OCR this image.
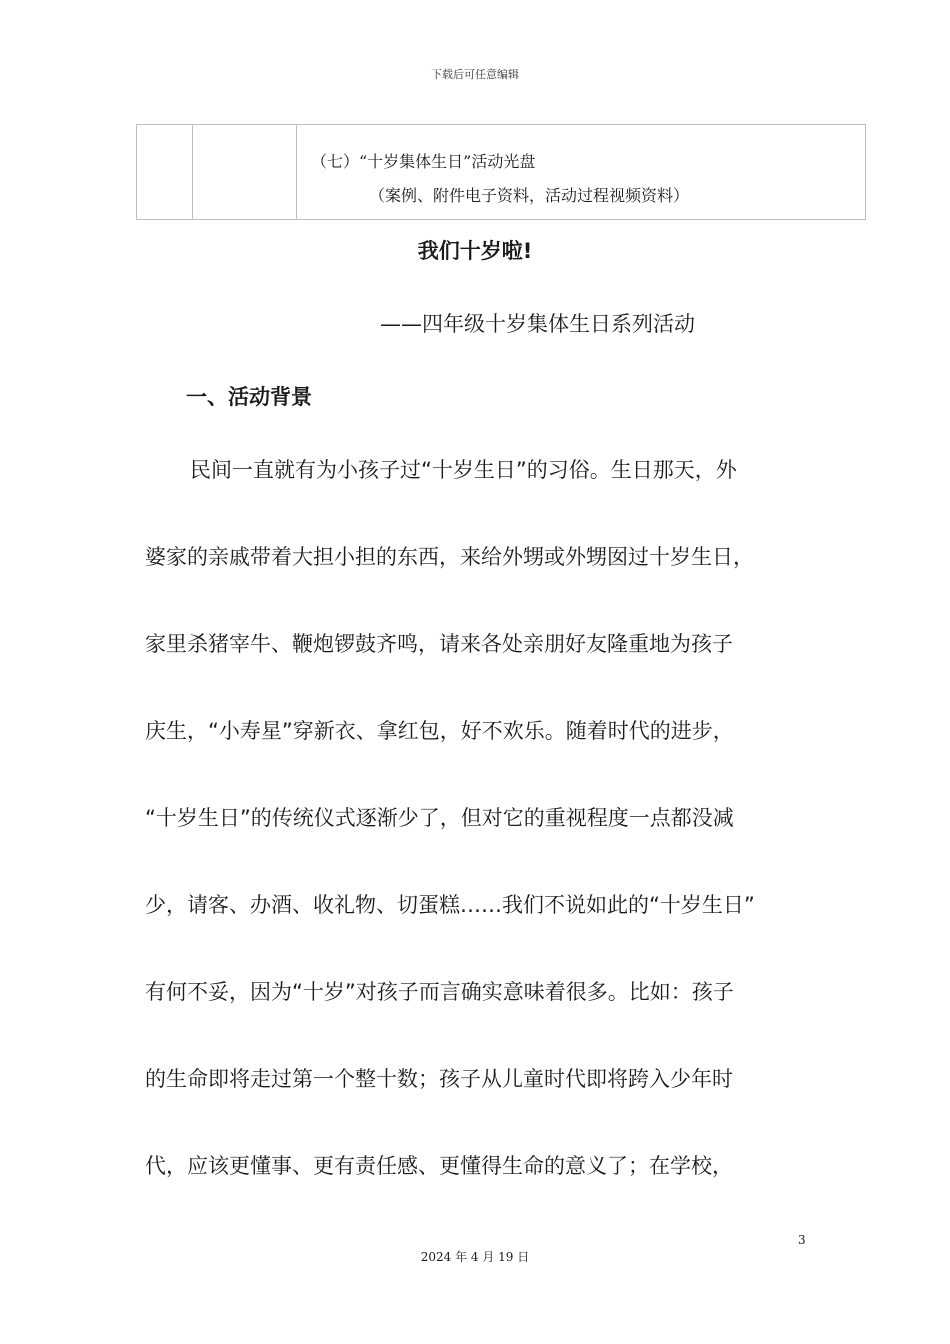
下载后可任意编辑
（七）“十岁集体生日”活动光盘
（案例、附件电子资料，活动过程视频资料）
我们十岁啦!
——四年级十岁集体生日系列活动
一、活动背景
民间一直就有为小孩子过“十岁生日”的习俗。生日那天，外
婆家的亲戚带着大担小担的东西，来给外甥或外甥囡过十岁生日，
家里杀猪宰牛、鞭炮锣鼓齐鸣，请来各处亲朋好友隆重地为孩子
庆生，“小寿星”穿新衣、拿红包，好不欢乐。随着时代的进步，
“十岁生日”的传统仪式逐渐少了，但对它的重视程度一点都没减
少，请客、办酒、收礼物、切蛋糕……我们不说如此的“十岁生日”
有何不妥，因为“十岁”对孩子而言确实意味着很多。比如：孩子
的生命即将走过第一个整十数；孩子从儿童时代即将跨入少年时
代，应该更懂事、更有责任感、更懂得生命的意义了；在学校，
3
2024 年 4 月 19 日
